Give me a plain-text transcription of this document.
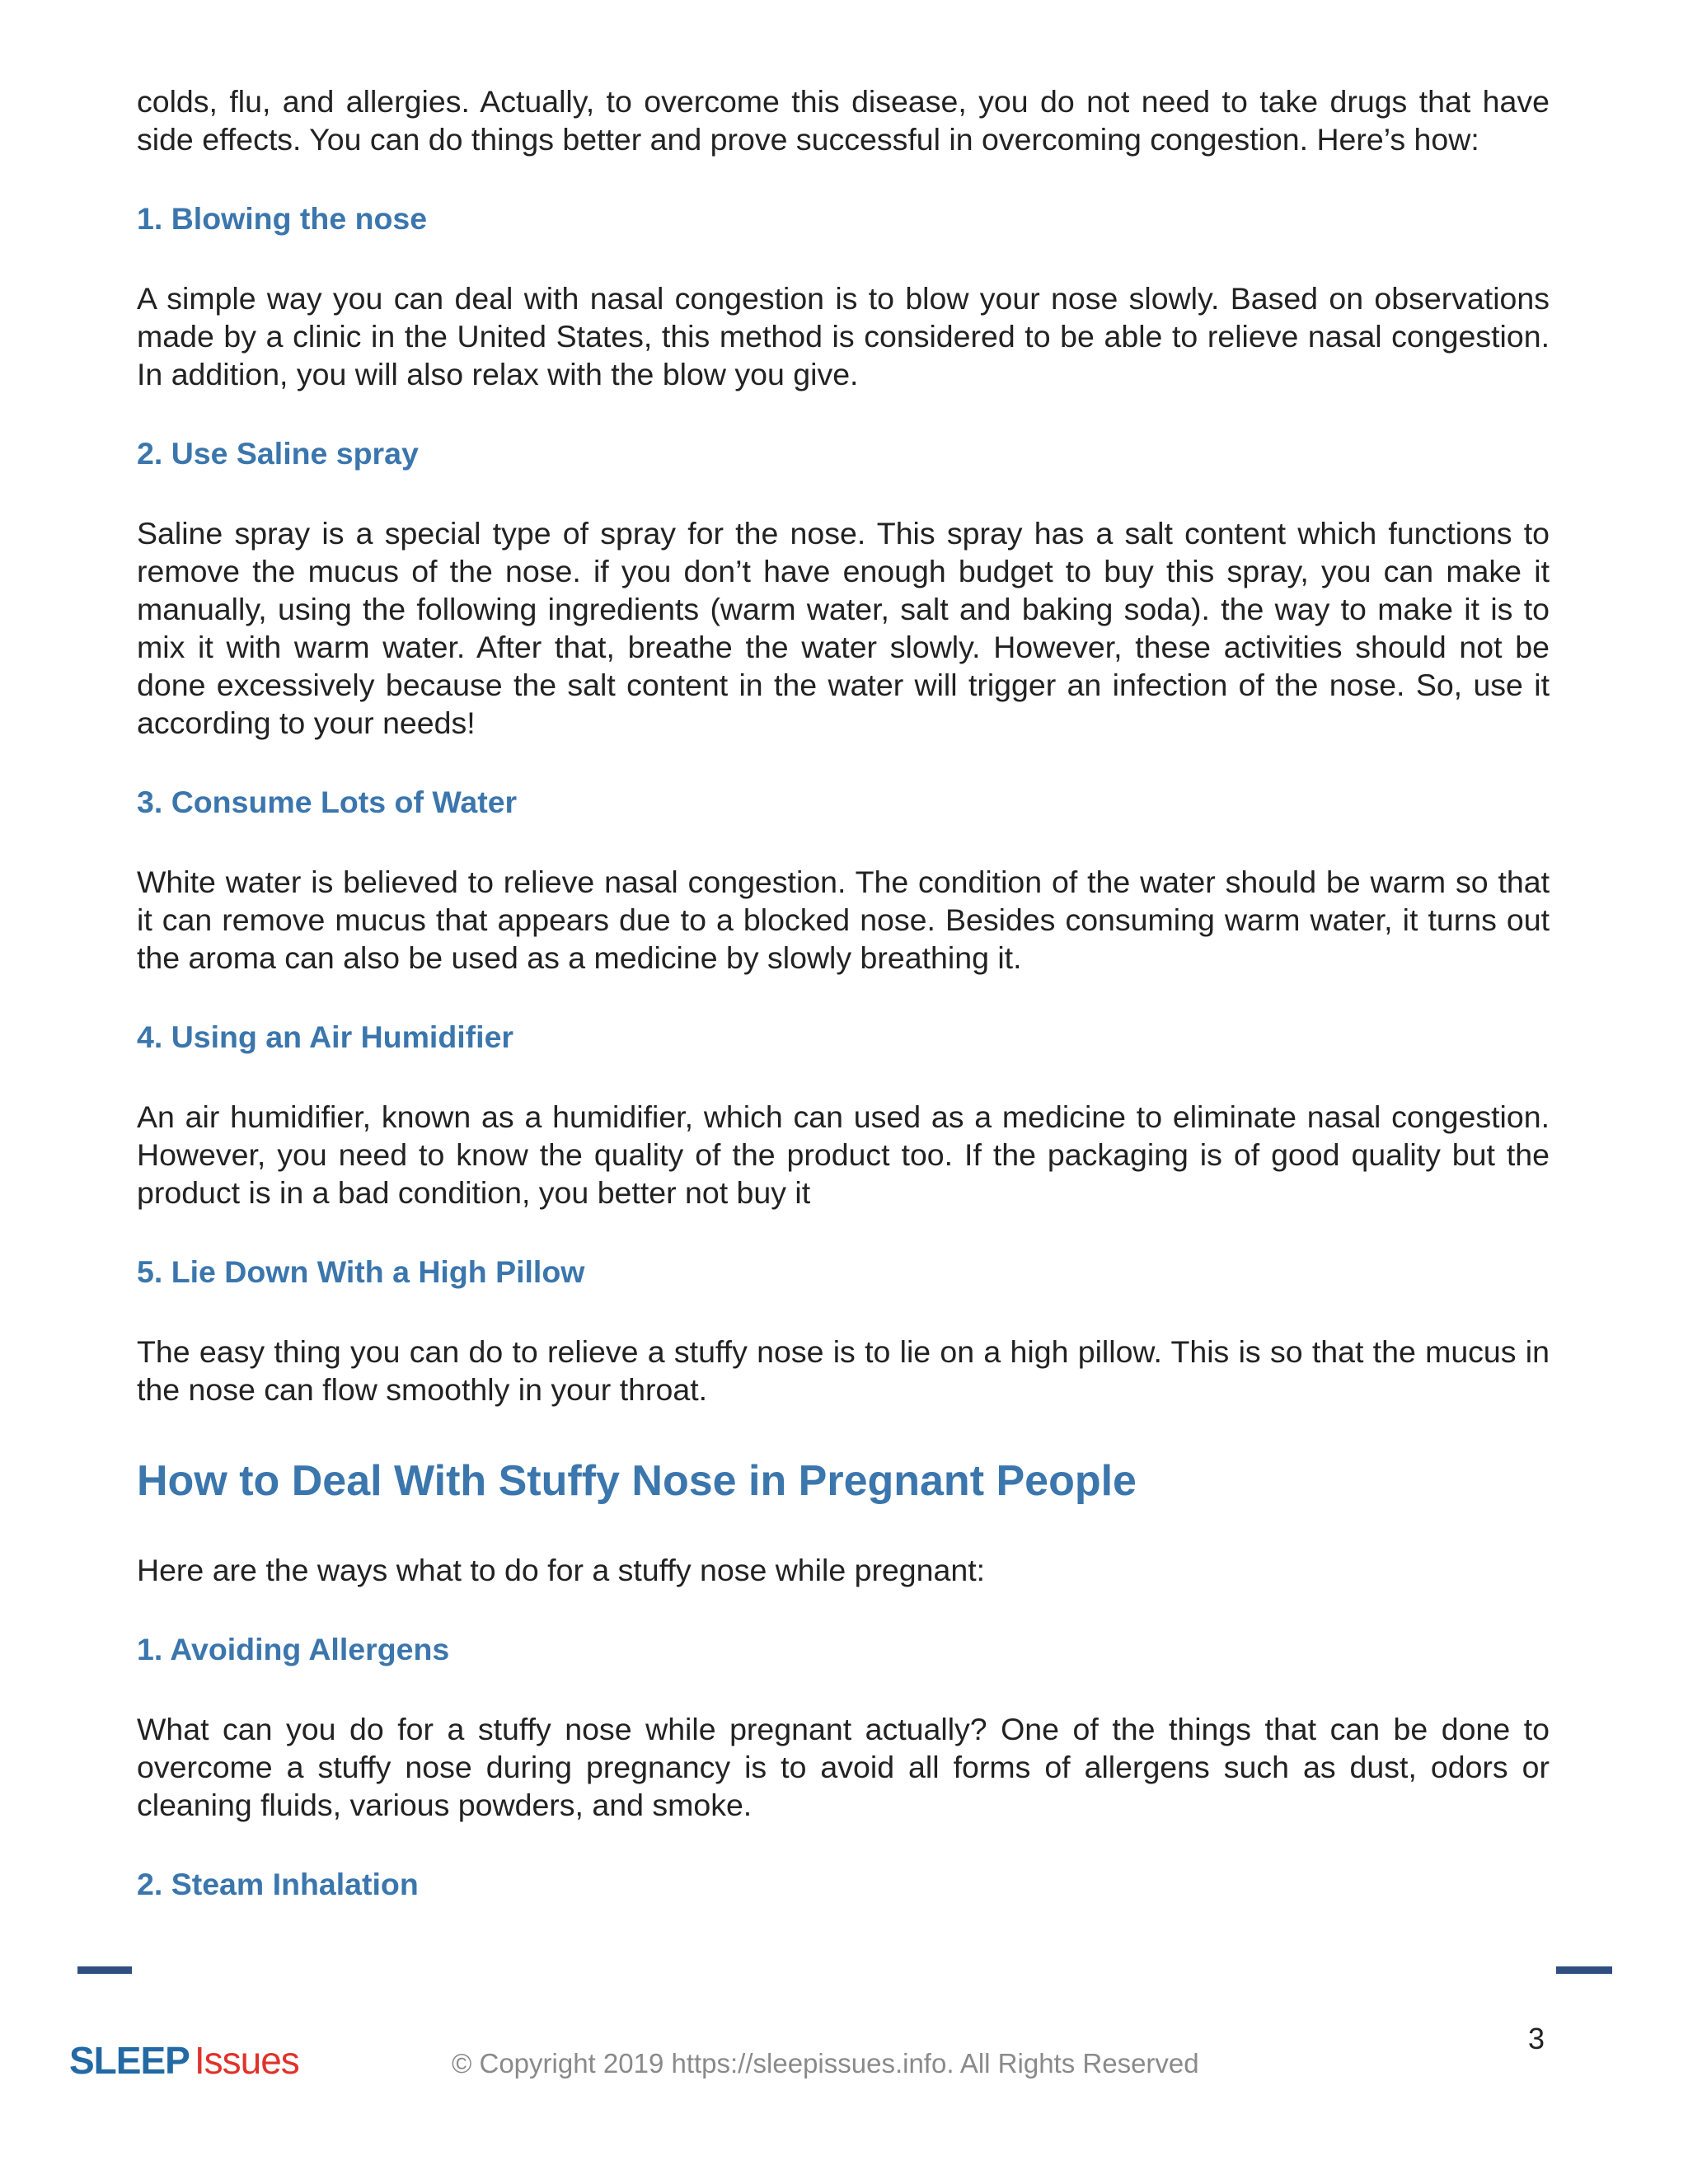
colds, flu, and allergies. Actually, to overcome this disease, you do not need to take drugs that have side effects. You can do things better and prove successful in overcoming congestion. Here’s how:

1. Blowing the nose

A simple way you can deal with nasal congestion is to blow your nose slowly. Based on observations made by a clinic in the United States, this method is considered to be able to relieve nasal congestion. In addition, you will also relax with the blow you give.

2. Use Saline spray

Saline spray is a special type of spray for the nose. This spray has a salt content which functions to remove the mucus of the nose. if you don’t have enough budget to buy this spray, you can make it manually, using the following ingredients (warm water, salt and baking soda). the way to make it is to mix it with warm water. After that, breathe the water slowly. However, these activities should not be done excessively because the salt content in the water will trigger an infection of the nose. So, use it according to your needs!

3. Consume Lots of Water

White water is believed to relieve nasal congestion. The condition of the water should be warm so that it can remove mucus that appears due to a blocked nose. Besides consuming warm water, it turns out the aroma can also be used as a medicine by slowly breathing it.

4. Using an Air Humidifier

An air humidifier, known as a humidifier, which can used as a medicine to eliminate nasal congestion. However, you need to know the quality of the product too. If the packaging is of good quality but the product is in a bad condition, you better not buy it

5. Lie Down With a High Pillow

The easy thing you can do to relieve a stuffy nose is to lie on a high pillow. This is so that the mucus in the nose can flow smoothly in your throat.

How to Deal With Stuffy Nose in Pregnant People

Here are the ways what to do for a stuffy nose while pregnant:

1. Avoiding Allergens

What can you do for a stuffy nose while pregnant actually? One of the things that can be done to overcome a stuffy nose during pregnancy is to avoid all forms of allergens such as dust, odors or cleaning fluids, various powders, and smoke.

2. Steam Inhalation
SLEEP Issues	© Copyright 2019 https://sleepissues.info. All Rights Reserved
3
